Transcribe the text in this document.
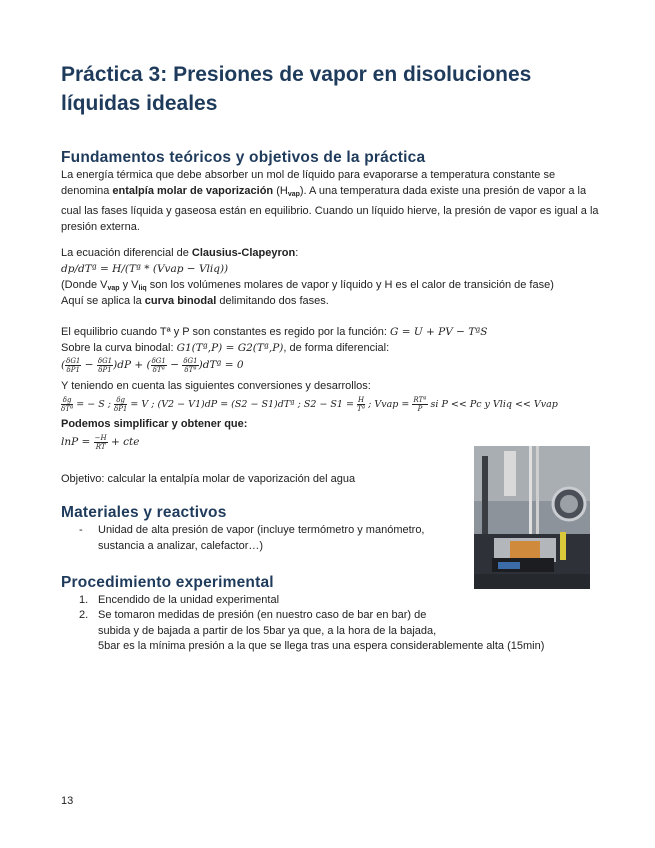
Práctica 3: Presiones de vapor en disoluciones líquidas ideales
Fundamentos teóricos y objetivos de la práctica

La energía térmica que debe absorber un mol de líquido para evaporarse a temperatura constante se denomina entalpía molar de vaporización (Hvap). A una temperatura dada existe una presión de vapor a la cual las fases líquida y gaseosa están en equilibrio. Cuando un líquido hierve, la presión de vapor es igual a la presión externa.

La ecuación diferencial de Clausius-Clapeyron:

dp/dTª = H/(Tª * (Vvap − Vliq))

(Donde Vvap y Vliq son los volúmenes molares de vapor y líquido y H es el calor de transición de fase)

Aquí se aplica la curva binodal delimitando dos fases.

El equilibrio cuando Tª y P son constantes es regido por la función: G = U + PV − TªS

Sobre la curva binodal: G1(Tª,P) = G2(Tª,P), de forma diferencial:

( $\frac{\delta G1}{\delta P1} - \frac{\delta G1}{\delta P1} )dP$ + ( $\frac{\delta G1}{\text{δTª}} - \frac{\delta G1}{\text{δTª}}$ )dTª = 0

Y teniendo en cuenta las siguientes conversiones y desarrollos:

$\frac{\delta g}{\text{δTª}}$ = − S ; $\frac{\delta g}{\delta P1} = V$ ; (V2 − V1)dP = (S2 − S1)dTª ; $S2 - S1 = \frac{H}{\text{Tª}}$ ; Vvap = $\frac{\text{RTª}}{P}$ si P << Pc y Vliq << Vvap

Podemos simplificar y obtener que:

$\ln P = \frac{-H}{RT}$ + cte

Objetivo: calcular la entalpía molar de vaporización del agua

Materiales y reactivos
- Unidad de alta presión de vapor (incluye termómetro y manómetro,
sustancia a analizar, calefactor…)
Procedimiento experimental
1. Encendido de la unidad experimental
2. Se tomaron medidas de presión (en nuestro caso de bar en bar) de
subida y de bajada a partir de los 5bar ya que, a la hora de la bajada,
5bar es la mínima presión a la que se llega tras una espera considerablemente alta (15min)
13
